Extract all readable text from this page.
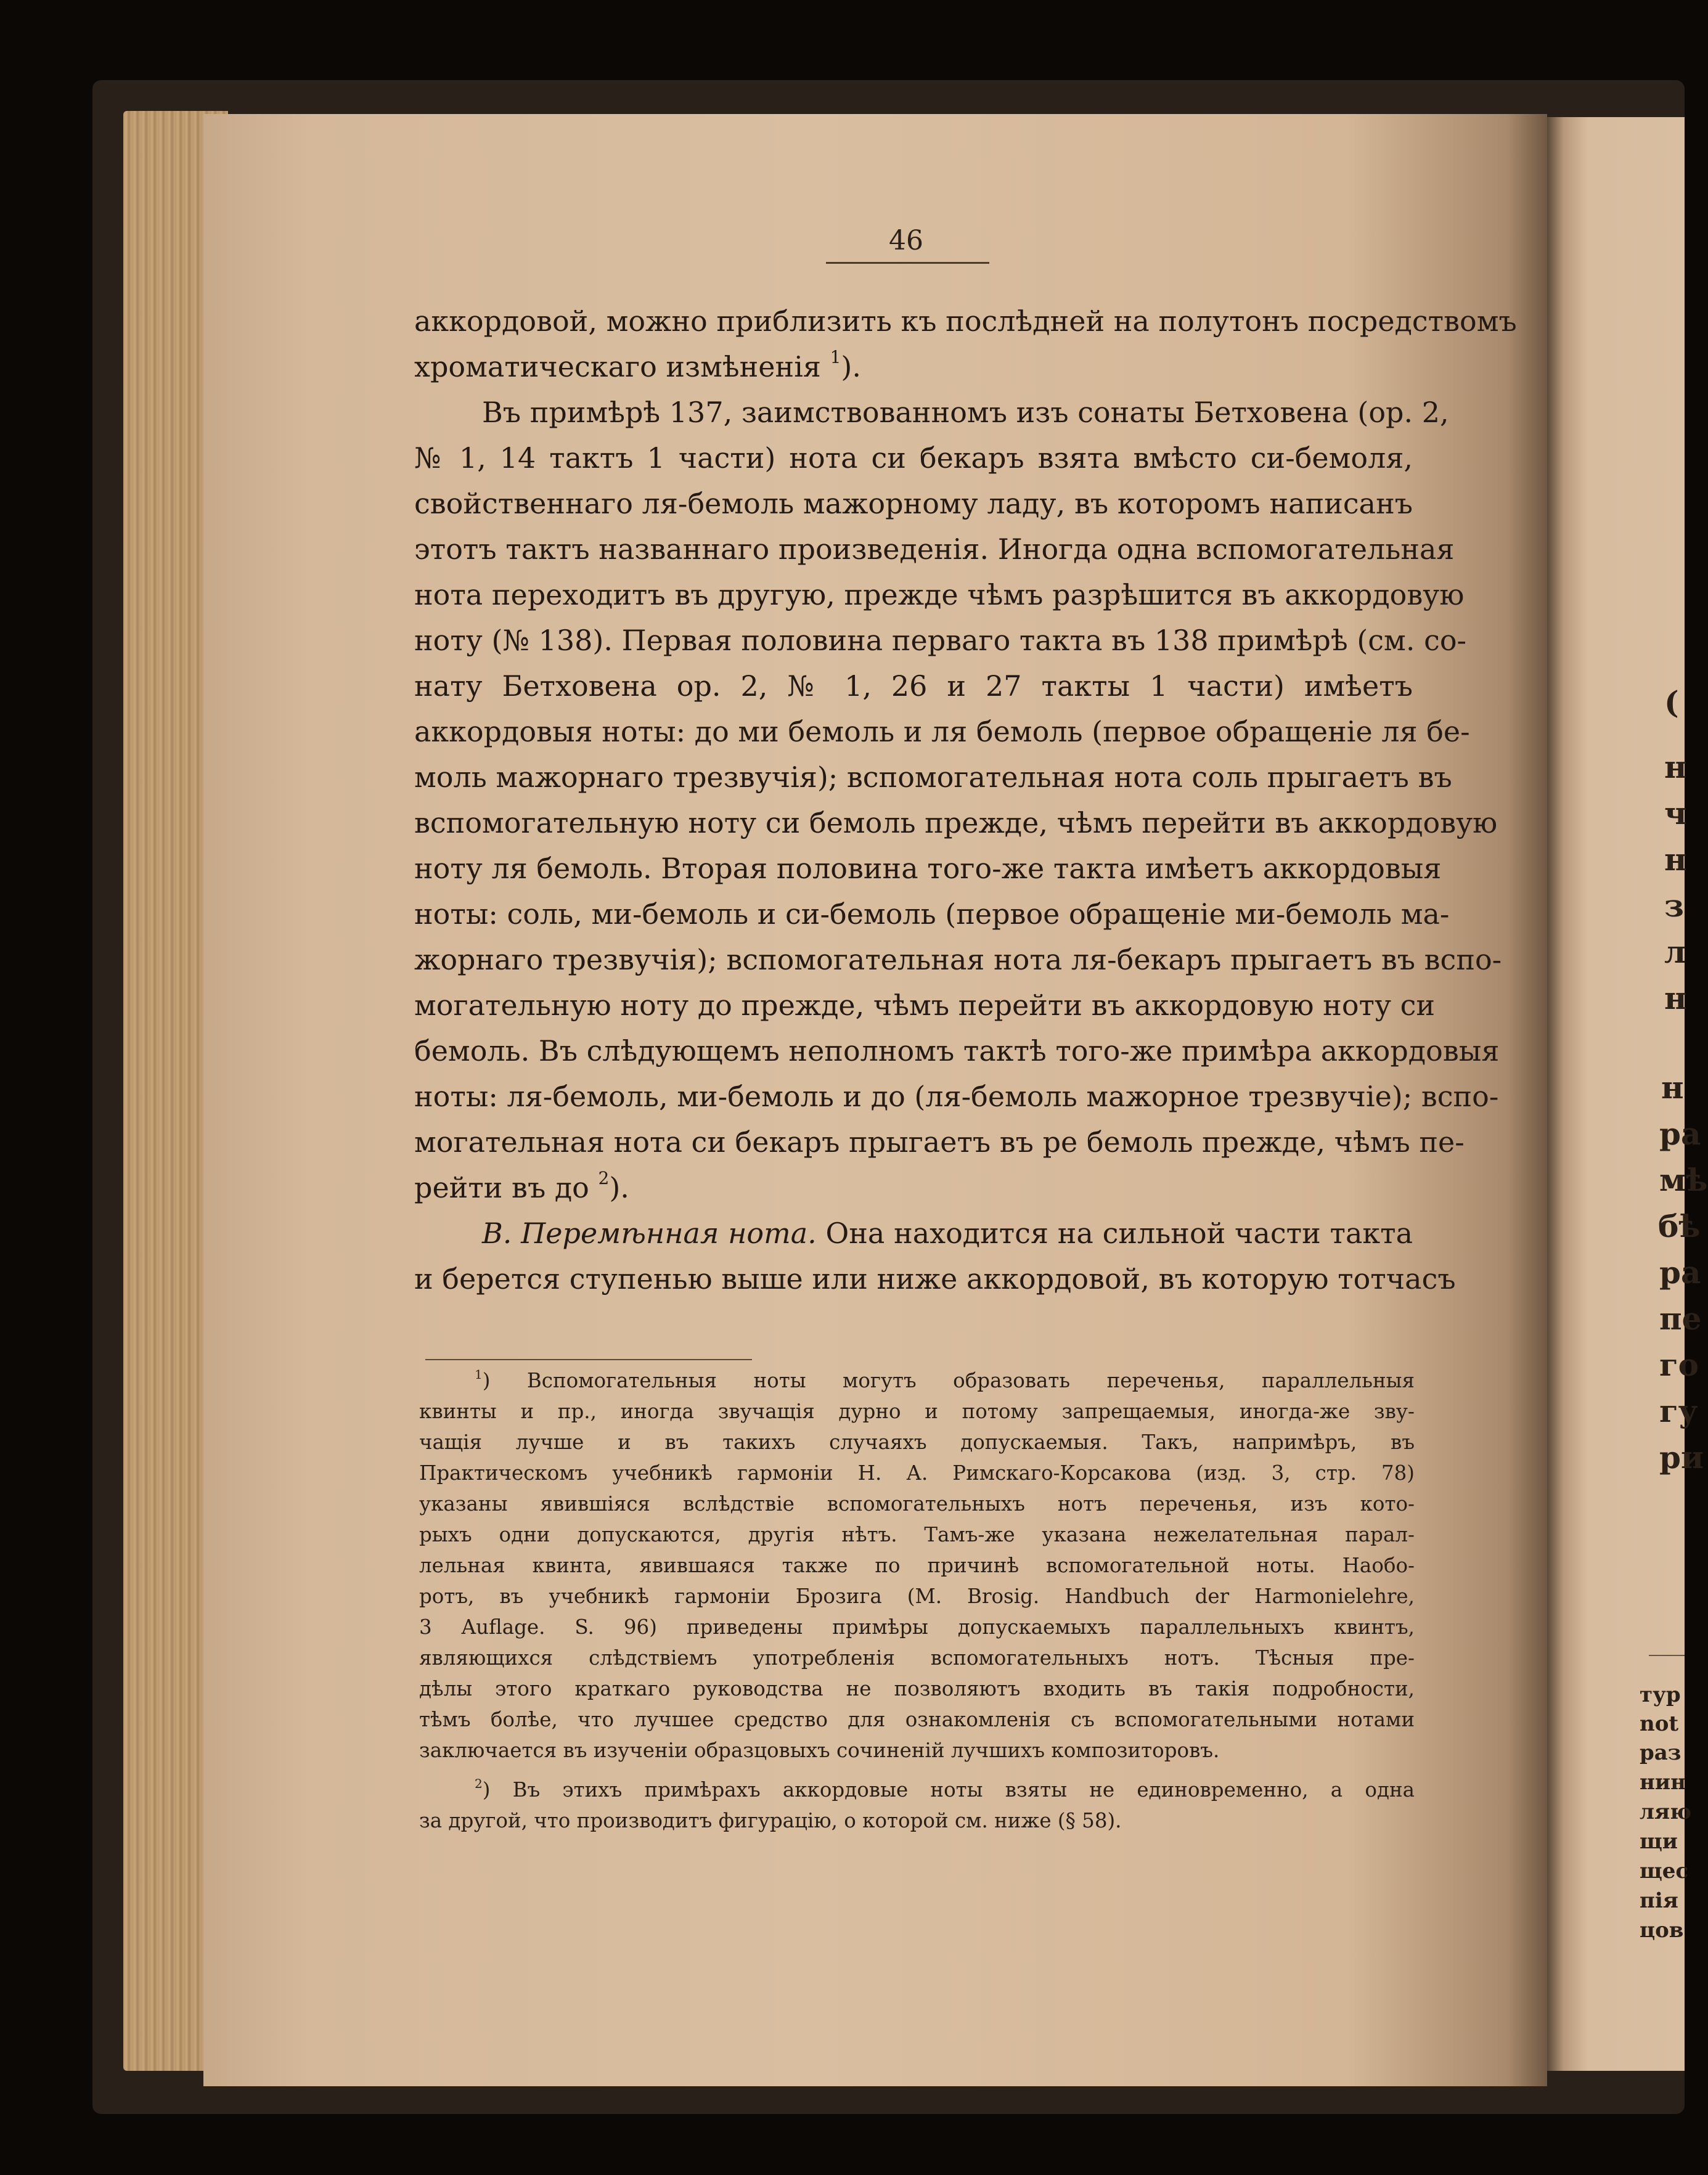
(
н
ч
н
з
л
н
н
ра
мѣ
бѣ
ра
пе
го
гу
ри
тур
not
раз
нин
ляю
щи
щес
пія
цов
46
аккордовой, можно приблизить къ послѣдней на полутонъ посредствомъ
хроматическаго измѣненія $^1$).
Въ примѣрѣ 137, заимствованномъ изъ сонаты Бетховена (op. 2,
№ 1, 14 тактъ 1 части) нота си бекаръ взята вмѣсто си-бемоля,
свойственнаго ля-бемоль мажорному ладу, въ которомъ написанъ
этотъ тактъ названнаго произведенія. Иногда одна вспомогательная
нота переходитъ въ другую, прежде чѣмъ разрѣшится въ аккордовую
ноту (№ 138). Первая половина перваго такта въ 138 примѣрѣ (см. со-
нату Бетховена op. 2, № 1, 26 и 27 такты 1 части) имѣетъ
аккордовыя ноты: до ми бемоль и ля бемоль (первое обращеніе ля бе-
моль мажорнаго трезвучія); вспомогательная нота соль прыгаетъ въ
вспомогательную ноту си бемоль прежде, чѣмъ перейти въ аккордовую
ноту ля бемоль. Вторая половина того-же такта имѣетъ аккордовыя
ноты: соль, ми-бемоль и си-бемоль (первое обращеніе ми-бемоль ма-
жорнаго трезвучія); вспомогательная нота ля-бекаръ прыгаетъ въ вспо-
могательную ноту до прежде, чѣмъ перейти въ аккордовую ноту си
бемоль. Въ слѣдующемъ неполномъ тактѣ того-же примѣра аккордовыя
ноты: ля-бемоль, ми-бемоль и до (ля-бемоль мажорное трезвучіе); вспо-
могательная нота си бекаръ прыгаетъ въ ре бемоль прежде, чѣмъ пе-
рейти въ до $^2$).
B. Перемѣнная нота. Она находится на сильной части такта
и берется ступенью выше или ниже аккордовой, въ которую тотчасъ
$^1$) Вспомогательныя ноты могутъ образовать переченья, параллельныя
квинты и пр., иногда звучащія дурно и потому запрещаемыя, иногда-же зву-
чащія лучше и въ такихъ случаяхъ допускаемыя. Такъ, напримѣръ, въ
Практическомъ учебникѣ гармоніи Н. А. Римскаго-Корсакова (изд. 3, стр. 78)
указаны явившіяся вслѣдствіе вспомогательныхъ нотъ переченья, изъ кото-
рыхъ одни допускаются, другія нѣтъ. Тамъ-же указана нежелательная парал-
лельная квинта, явившаяся также по причинѣ вспомогательной ноты. Наобо-
ротъ, въ учебникѣ гармоніи Брозига (M. Brosig. Handbuch der Harmonielehre,
3 Auflage. S. 96) приведены примѣры допускаемыхъ параллельныхъ квинтъ,
являющихся слѣдствіемъ употребленія вспомогательныхъ нотъ. Тѣсныя пре-
дѣлы этого краткаго руководства не позволяютъ входить въ такія подробности,
тѣмъ болѣе, что лучшее средство для ознакомленія съ вспомогательными нотами
заключается въ изученіи образцовыхъ сочиненій лучшихъ композиторовъ.
$^2$) Въ этихъ примѣрахъ аккордовые ноты взяты не единовременно, а одна
за другой, что производитъ фигурацію, о которой см. ниже (§ 58).
